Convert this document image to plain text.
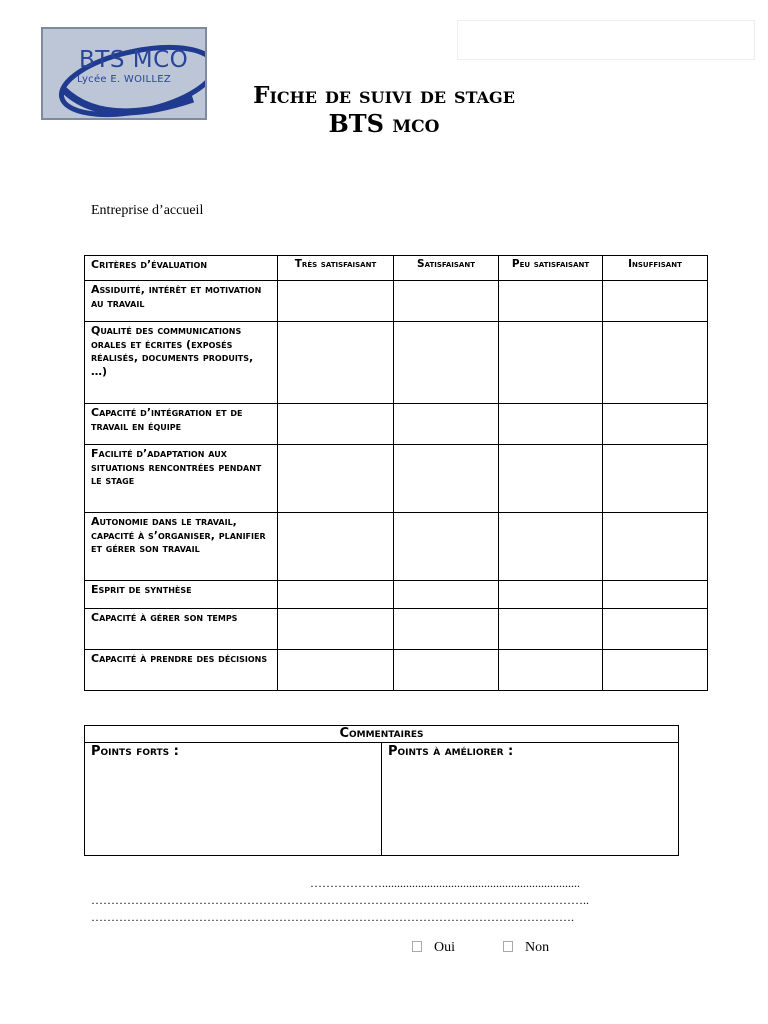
BTS MCO
Lycée E. WOILLEZ
Fiche de suivi de stage
BTS mco
Entreprise d’accueil
Critères d’évaluation	Très satisfaisant	Satisfaisant	Peu satisfaisant	Insuffisant
Assiduité, intérêt et motivation au travail				
Qualité des communications orales et écrites (exposés réalisés, documents produits, …)				
Capacité d’intégration et de travail en équipe				
Facilité d’adaptation aux situations rencontrées pendant le stage				
Autonomie dans le travail, capacité à s’organiser, planifier et gérer son travail				
Esprit de synthèse				
Capacité à gérer son temps				
Capacité à prendre des décisions				
Commentaires
Points forts :	Points à améliorer :
………………..................................................................
……………………………………………………………………………………………………………..
………………………………………………………………………………………………………….
Oui	Non
